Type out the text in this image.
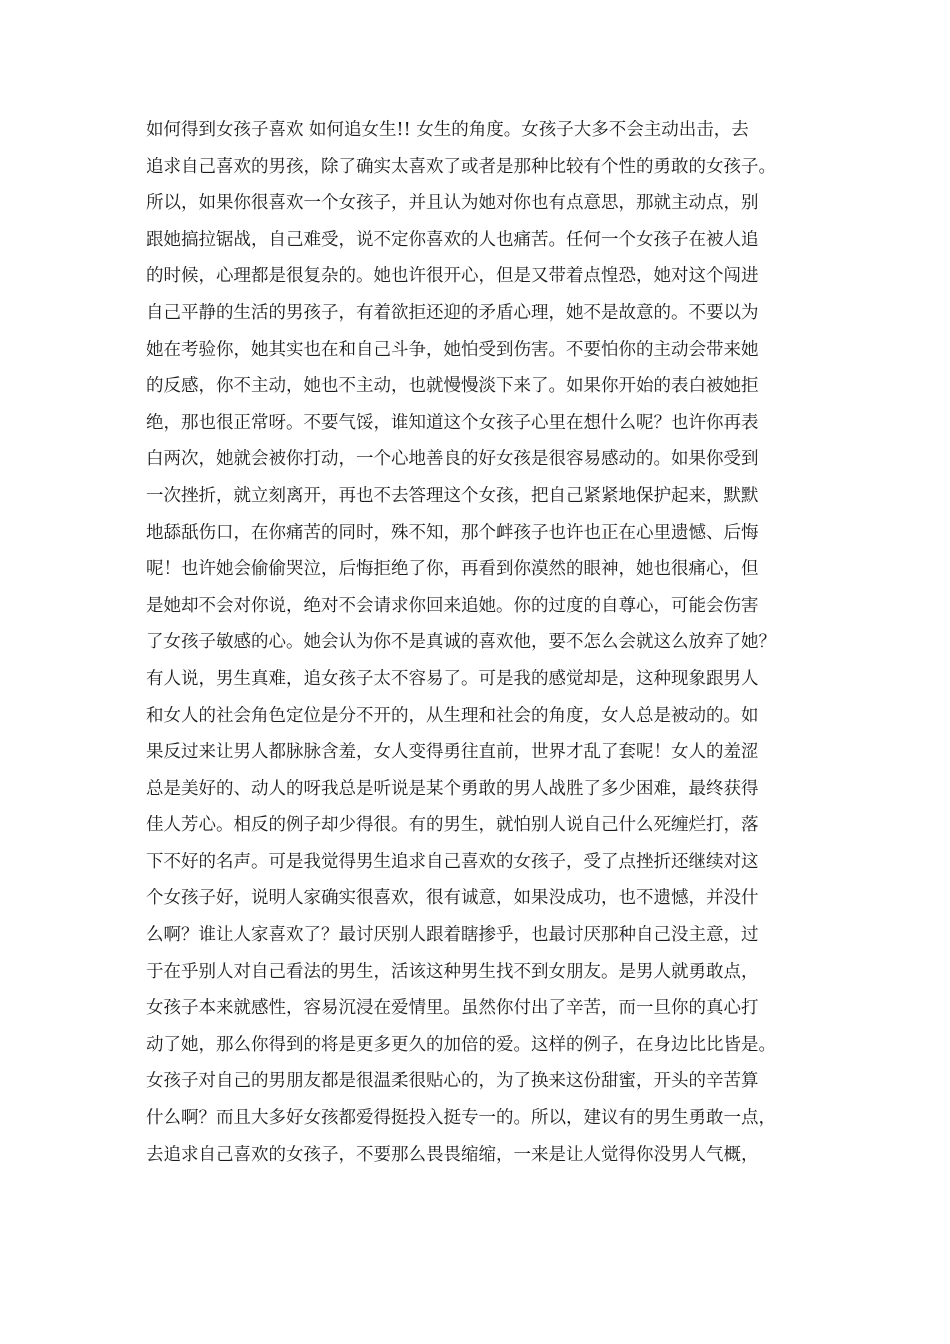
如何得到女孩子喜欢 如何追女生!! 女生的角度。女孩子大多不会主动出击，去
追求自己喜欢的男孩，除了确实太喜欢了或者是那种比较有个性的勇敢的女孩子。
所以，如果你很喜欢一个女孩子，并且认为她对你也有点意思，那就主动点，别
跟她搞拉锯战，自己难受，说不定你喜欢的人也痛苦。任何一个女孩子在被人追
的时候，心理都是很复杂的。她也许很开心，但是又带着点惶恐，她对这个闯进
自己平静的生活的男孩子，有着欲拒还迎的矛盾心理，她不是故意的。不要以为
她在考验你，她其实也在和自己斗争，她怕受到伤害。不要怕你的主动会带来她
的反感，你不主动，她也不主动，也就慢慢淡下来了。如果你开始的表白被她拒
绝，那也很正常呀。不要气馁，谁知道这个女孩子心里在想什么呢？也许你再表
白两次，她就会被你打动，一个心地善良的好女孩是很容易感动的。如果你受到
一次挫折，就立刻离开，再也不去答理这个女孩，把自己紧紧地保护起来，默默
地舔舐伤口，在你痛苦的同时，殊不知，那个衅孩子也许也正在心里遗憾、后悔
呢！也许她会偷偷哭泣，后悔拒绝了你，再看到你漠然的眼神，她也很痛心，但
是她却不会对你说，绝对不会请求你回来追她。你的过度的自尊心，可能会伤害
了女孩子敏感的心。她会认为你不是真诚的喜欢他，要不怎么会就这么放弃了她？
有人说，男生真难，追女孩子太不容易了。可是我的感觉却是，这种现象跟男人
和女人的社会角色定位是分不开的，从生理和社会的角度，女人总是被动的。如
果反过来让男人都脉脉含羞，女人变得勇往直前，世界才乱了套呢！女人的羞涩
总是美好的、动人的呀我总是听说是某个勇敢的男人战胜了多少困难，最终获得
佳人芳心。相反的例子却少得很。有的男生，就怕别人说自己什么死缠烂打，落
下不好的名声。可是我觉得男生追求自己喜欢的女孩子，受了点挫折还继续对这
个女孩子好，说明人家确实很喜欢，很有诚意，如果没成功，也不遗憾，并没什
么啊？谁让人家喜欢了？最讨厌别人跟着瞎掺乎，也最讨厌那种自己没主意，过
于在乎别人对自己看法的男生，活该这种男生找不到女朋友。是男人就勇敢点，
女孩子本来就感性，容易沉浸在爱情里。虽然你付出了辛苦，而一旦你的真心打
动了她，那么你得到的将是更多更久的加倍的爱。这样的例子，在身边比比皆是。
女孩子对自己的男朋友都是很温柔很贴心的，为了换来这份甜蜜，开头的辛苦算
什么啊？而且大多好女孩都爱得挺投入挺专一的。所以，建议有的男生勇敢一点，
去追求自己喜欢的女孩子，不要那么畏畏缩缩，一来是让人觉得你没男人气概，
